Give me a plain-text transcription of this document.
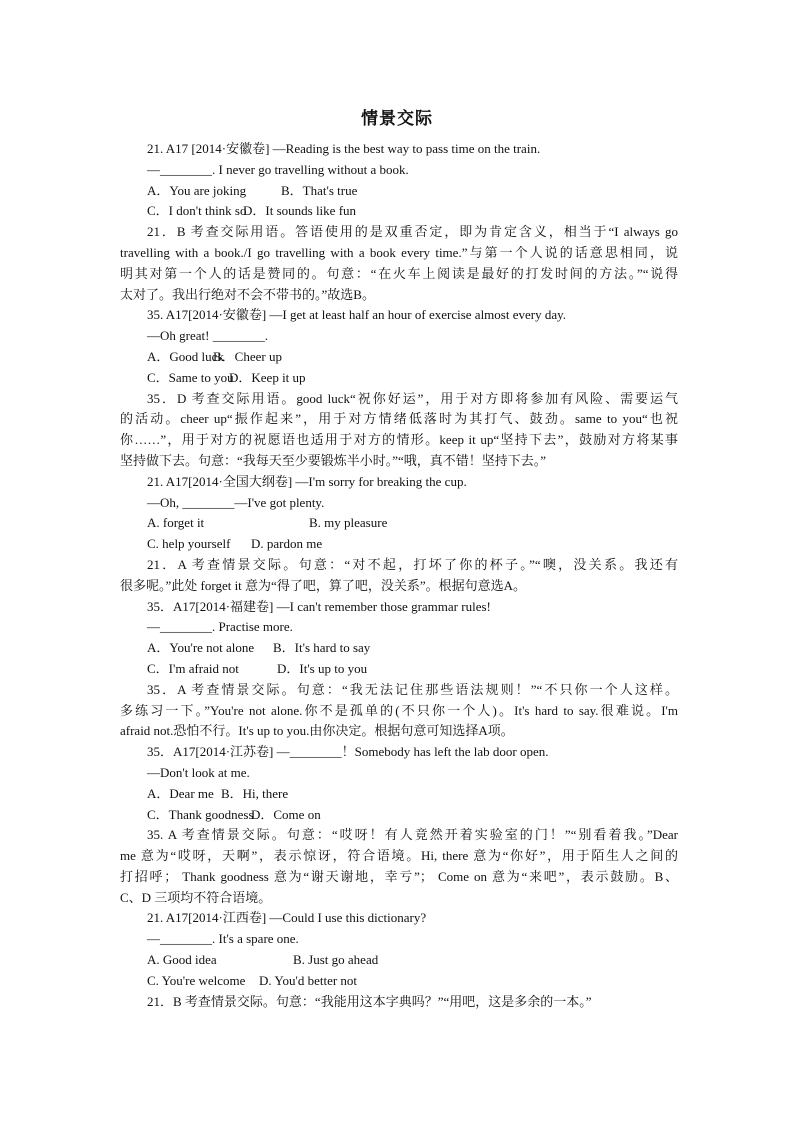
情景交际
21. A17 [2014·安徽卷] —Reading is the best way to pass time on the train.
—________. I never go travelling without a book.
A．You are joking	B．That's true
C．I don't think soD．It sounds like fun
21．B 考查交际用语。答语使用的是双重否定，即为肯定含义，相当于“I always go
travelling with a book./I go travelling with a book every time.”与第一个人说的话意思相同，说
明其对第一个人的话是赞同的。句意：“在火车上阅读是最好的打发时间的方法。”“说得
太对了。我出行绝对不会不带书的。”故选B。
35. A17[2014·安徽卷] —I get at least half an hour of exercise almost every day.
—Oh great! ________.
A．Good luckB．Cheer up
C．Same to youD．Keep it up
35．D 考查交际用语。good luck“祝你好运”，用于对方即将参加有风险、需要运气
的活动。cheer up“振作起来”，用于对方情绪低落时为其打气、鼓劲。same to you“也祝
你……”，用于对方的祝愿语也适用于对方的情形。keep it up“坚持下去”，鼓励对方将某事
坚持做下去。句意：“我每天至少要锻炼半小时。”“哦，真不错！坚持下去。”
21. A17[2014·全国大纲卷] —I'm sorry for breaking the cup.
—Oh, ________—I've got plenty.
A. forget it	B. my pleasure
C. help yourself D. pardon me
21．A 考查情景交际。句意：“对不起，打坏了你的杯子。”“噢，没关系。我还有
很多呢。”此处 forget it 意为“得了吧，算了吧，没关系”。根据句意选A。
35．A17[2014·福建卷] —I can't remember those grammar rules!
—________. Practise more.
A．You're not alone B．It's hard to say
C．I'm afraid not	D．It's up to you
35．A 考查情景交际。句意：“我无法记住那些语法规则！”“不只你一个人这样。
多练习一下。”You're not alone.你不是孤单的(不只你一个人)。It's hard to say.很难说。I'm
afraid not.恐怕不行。It's up to you.由你决定。根据句意可知选择A项。
35．A17[2014·江苏卷] —________！Somebody has left the lab door open.
—Don't look at me.
A．Dear me B．Hi, there
C．Thank goodnessD．Come on
35. A 考查情景交际。句意：“哎呀！有人竟然开着实验室的门！”“别看着我。”Dear
me 意为“哎呀，天啊”，表示惊讶，符合语境。Hi, there 意为“你好”，用于陌生人之间的
打招呼； Thank goodness 意为“谢天谢地，幸亏”； Come on 意为“来吧”，表示鼓励。B、
C、D 三项均不符合语境。
21. A17[2014·江西卷] —Could I use this dictionary?
—________. It's a spare one.
A. Good idea	B. Just go ahead
C. You're welcome D. You'd better not
21．B 考查情景交际。句意：“我能用这本字典吗？”“用吧，这是多余的一本。”
